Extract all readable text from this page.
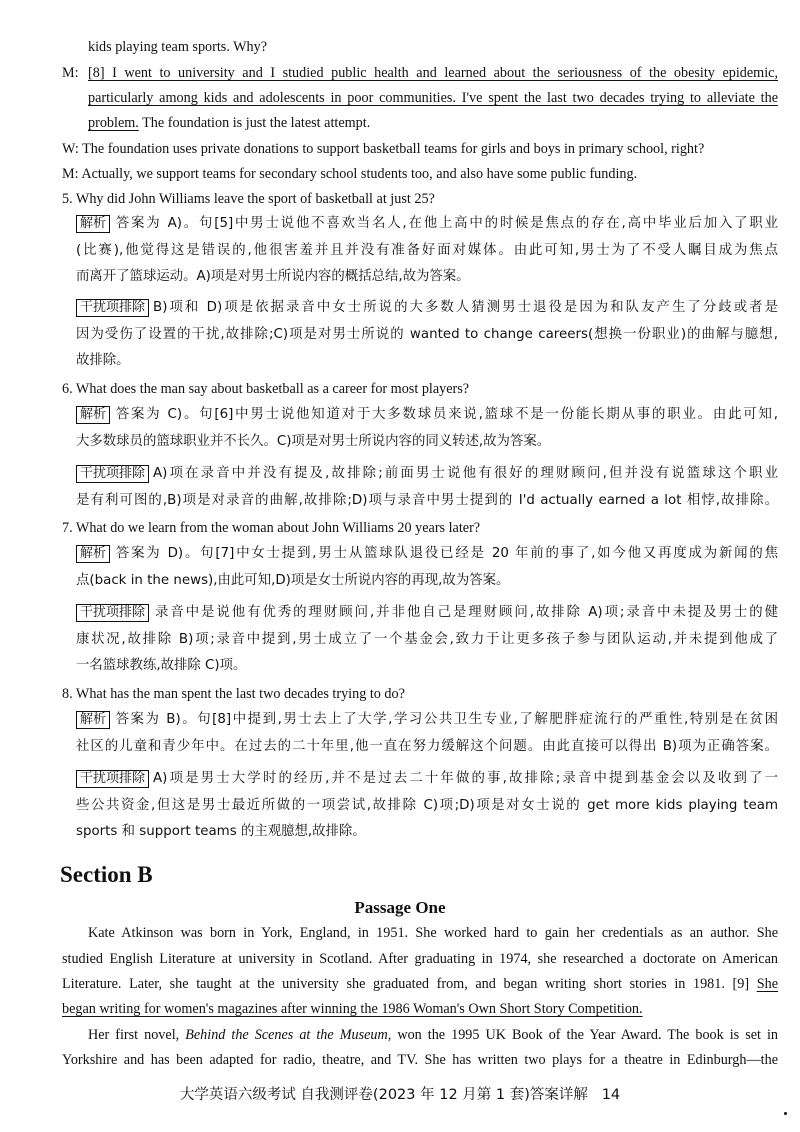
kids playing team sports. Why?
M: [8] I went to university and I studied public health and learned about the seriousness of the obesity epidemic,
particularly among kids and adolescents in poor communities. I've spent the last two decades trying to alleviate the
problem. The foundation is just the latest attempt.
W: The foundation uses private donations to support basketball teams for girls and boys in primary school, right?
M: Actually, we support teams for secondary school students too, and also have some public funding.
5. Why did John Williams leave the sport of basketball at just 25?
解析 答案为 A)。句[5]中男士说他不喜欢当名人,在他上高中的时候是焦点的存在,高中毕业后加入了职业
(比赛),他觉得这是错误的,他很害羞并且并没有准备好面对媒体。由此可知,男士为了不受人瞩目成为焦点
而离开了篮球运动。A)项是对男士所说内容的概括总结,故为答案。
干扰项排除 B)项和 D)项是依据录音中女士所说的大多数人猜测男士退役是因为和队友产生了分歧或者是
因为受伤了设置的干扰,故排除;C)项是对男士所说的 wanted to change careers(想换一份职业)的曲解与臆想,
故排除。
6. What does the man say about basketball as a career for most players?
解析 答案为 C)。句[6]中男士说他知道对于大多数球员来说,篮球不是一份能长期从事的职业。由此可知,
大多数球员的篮球职业并不长久。C)项是对男士所说内容的同义转述,故为答案。
干扰项排除 A)项在录音中并没有提及,故排除;前面男士说他有很好的理财顾问,但并没有说篮球这个职业
是有利可图的,B)项是对录音的曲解,故排除;D)项与录音中男士提到的 I'd actually earned a lot 相悖,故排除。
7. What do we learn from the woman about John Williams 20 years later?
解析 答案为 D)。句[7]中女士提到,男士从篮球队退役已经是 20 年前的事了,如今他又再度成为新闻的焦
点(back in the news),由此可知,D)项是女士所说内容的再现,故为答案。
干扰项排除 录音中是说他有优秀的理财顾问,并非他自己是理财顾问,故排除 A)项;录音中未提及男士的健
康状况,故排除 B)项;录音中提到,男士成立了一个基金会,致力于让更多孩子参与团队运动,并未提到他成了
一名篮球教练,故排除 C)项。
8. What has the man spent the last two decades trying to do?
解析 答案为 B)。句[8]中提到,男士去上了大学,学习公共卫生专业,了解肥胖症流行的严重性,特别是在贫困
社区的儿童和青少年中。在过去的二十年里,他一直在努力缓解这个问题。由此直接可以得出 B)项为正确答案。
干扰项排除 A)项是男士大学时的经历,并不是过去二十年做的事,故排除;录音中提到基金会以及收到了一
些公共资金,但这是男士最近所做的一项尝试,故排除 C)项;D)项是对女士说的 get more kids playing team
sports 和 support teams 的主观臆想,故排除。
Section B
Passage One
Kate Atkinson was born in York, England, in 1951. She worked hard to gain her credentials as an author. She
studied English Literature at university in Scotland. After graduating in 1974, she researched a doctorate on American
Literature. Later, she taught at the university she graduated from, and began writing short stories in 1981. [9] She
began writing for women's magazines after winning the 1986 Woman's Own Short Story Competition.
Her first novel, Behind the Scenes at the Museum, won the 1995 UK Book of the Year Award. The book is set in
Yorkshire and has been adapted for radio, theatre, and TV. She has written two plays for a theatre in Edinburgh—the
大学英语六级考试 自我测评卷(2023 年 12 月第 1 套)答案详解 14
